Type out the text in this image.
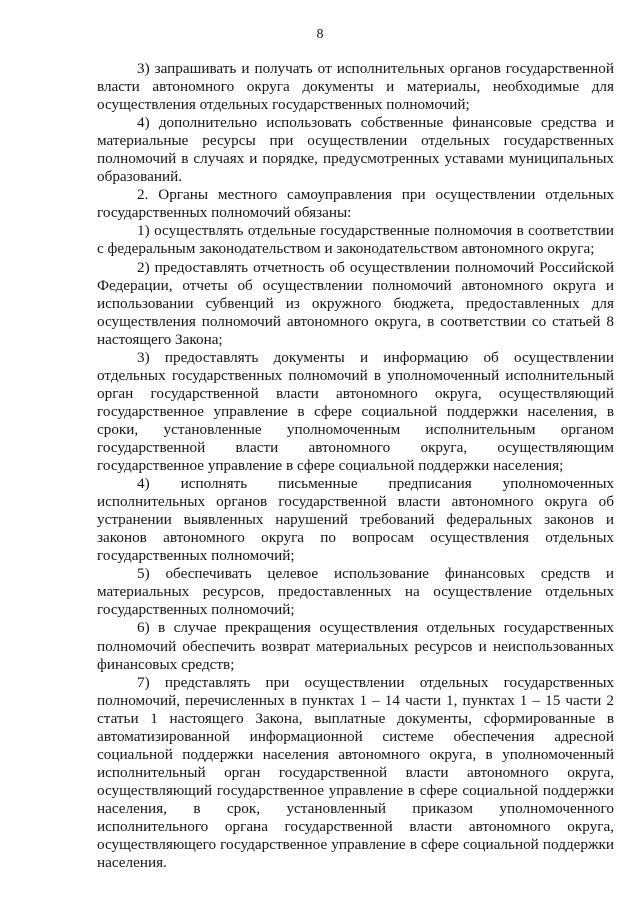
8

3) запрашивать и получать от исполнительных органов государственной власти автономного округа документы и материалы, необходимые для осуществления отдельных государственных полномочий;

4) дополнительно использовать собственные финансовые средства и материальные ресурсы при осуществлении отдельных государственных полномочий в случаях и порядке, предусмотренных уставами муниципальных образований.

2. Органы местного самоуправления при осуществлении отдельных государственных полномочий обязаны:

1) осуществлять отдельные государственные полномочия в соответствии с федеральным законодательством и законодательством автономного округа;

2) предоставлять отчетность об осуществлении полномочий Российской Федерации, отчеты об осуществлении полномочий автономного округа и использовании субвенций из окружного бюджета, предоставленных для осуществления полномочий автономного округа, в соответствии со статьей 8 настоящего Закона;

3) предоставлять документы и информацию об осуществлении отдельных государственных полномочий в уполномоченный исполнительный орган государственной власти автономного округа, осуществляющий государственное управление в сфере социальной поддержки населения, в сроки, установленные уполномоченным исполнительным органом государственной власти автономного округа, осуществляющим государственное управление в сфере социальной поддержки населения;

4) исполнять письменные предписания уполномоченных исполнительных органов государственной власти автономного округа об устранении выявленных нарушений требований федеральных законов и законов автономного округа по вопросам осуществления отдельных государственных полномочий;

5) обеспечивать целевое использование финансовых средств и материальных ресурсов, предоставленных на осуществление отдельных государственных полномочий;

6) в случае прекращения осуществления отдельных государственных полномочий обеспечить возврат материальных ресурсов и неиспользованных финансовых средств;

7) представлять при осуществлении отдельных государственных полномочий, перечисленных в пунктах 1 – 14 части 1, пунктах 1 – 15 части 2 статьи 1 настоящего Закона, выплатные документы, сформированные в автоматизированной информационной системе обеспечения адресной социальной поддержки населения автономного округа, в уполномоченный исполнительный орган государственной власти автономного округа, осуществляющий государственное управление в сфере социальной поддержки населения, в срок, установленный приказом уполномоченного исполнительного органа государственной власти автономного округа, осуществляющего государственное управление в сфере социальной поддержки населения.
